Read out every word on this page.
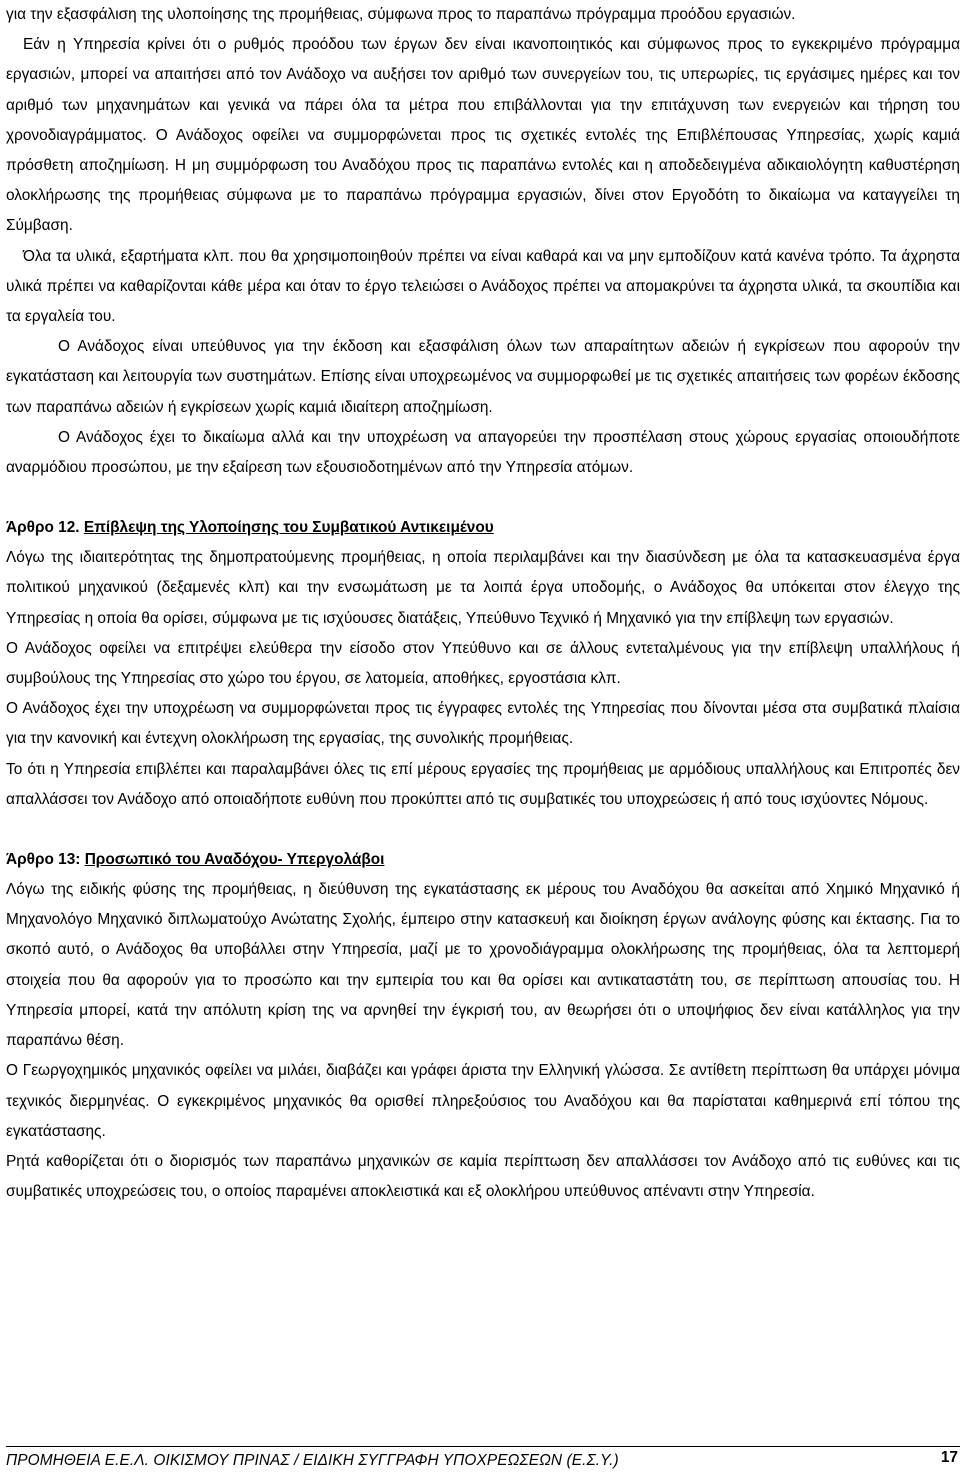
για την εξασφάλιση της υλοποίησης της προμήθειας, σύμφωνα προς το παραπάνω πρόγραμμα προόδου εργασιών.

Εάν η Υπηρεσία κρίνει ότι ο ρυθμός προόδου των έργων δεν είναι ικανοποιητικός και σύμφωνος προς το εγκεκριμένο πρόγραμμα εργασιών, μπορεί να απαιτήσει από τον Ανάδοχο να αυξήσει τον αριθμό των συνεργείων του, τις υπερωρίες, τις εργάσιμες ημέρες και τον αριθμό των μηχανημάτων και γενικά να πάρει όλα τα μέτρα που επιβάλλονται για την επιτάχυνση των ενεργειών και τήρηση του χρονοδιαγράμματος. Ο Ανάδοχος οφείλει να συμμορφώνεται προς τις σχετικές εντολές της Επιβλέπουσας Υπηρεσίας, χωρίς καμιά πρόσθετη αποζημίωση. Η μη συμμόρφωση του Αναδόχου προς τις παραπάνω εντολές και η αποδεδειγμένα αδικαιολόγητη καθυστέρηση ολοκλήρωσης της προμήθειας σύμφωνα με το παραπάνω πρόγραμμα εργασιών, δίνει στον Εργοδότη το δικαίωμα να καταγγείλει τη Σύμβαση.

Όλα τα υλικά, εξαρτήματα κλπ. που θα χρησιμοποιηθούν πρέπει να είναι καθαρά και να μην εμποδίζουν κατά κανένα τρόπο. Τα άχρηστα υλικά πρέπει να καθαρίζονται κάθε μέρα και όταν το έργο τελειώσει ο Ανάδοχος πρέπει να απομακρύνει τα άχρηστα υλικά, τα σκουπίδια και τα εργαλεία του.

Ο Ανάδοχος είναι υπεύθυνος για την έκδοση και εξασφάλιση όλων των απαραίτητων αδειών ή εγκρίσεων που αφορούν την εγκατάσταση και λειτουργία των συστημάτων. Επίσης είναι υποχρεωμένος να συμμορφωθεί με τις σχετικές απαιτήσεις των φορέων έκδοσης των παραπάνω αδειών ή εγκρίσεων χωρίς καμιά ιδιαίτερη αποζημίωση.

Ο Ανάδοχος έχει το δικαίωμα αλλά και την υποχρέωση να απαγορεύει την προσπέλαση στους χώρους εργασίας οποιουδήποτε αναρμόδιου προσώπου, με την εξαίρεση των εξουσιοδοτημένων από την Υπηρεσία ατόμων.

Άρθρο 12. Επίβλεψη της Υλοποίησης του Συμβατικού Αντικειμένου

Λόγω της ιδιαιτερότητας της δημοπρατούμενης προμήθειας, η οποία περιλαμβάνει και την διασύνδεση με όλα τα κατασκευασμένα έργα πολιτικού μηχανικού (δεξαμενές κλπ) και την ενσωμάτωση με τα λοιπά έργα υποδομής, ο Ανάδοχος θα υπόκειται στον έλεγχο της Υπηρεσίας η οποία θα ορίσει, σύμφωνα με τις ισχύουσες διατάξεις, Υπεύθυνο Τεχνικό ή Μηχανικό για την επίβλεψη των εργασιών.

Ο Ανάδοχος οφείλει να επιτρέψει ελεύθερα την είσοδο στον Υπεύθυνο και σε άλλους εντεταλμένους για την επίβλεψη υπαλλήλους ή συμβούλους της Υπηρεσίας στο χώρο του έργου, σε λατομεία, αποθήκες, εργοστάσια κλπ.

Ο Ανάδοχος έχει την υποχρέωση να συμμορφώνεται προς τις έγγραφες εντολές της Υπηρεσίας που δίνονται μέσα στα συμβατικά πλαίσια για την κανονική και έντεχνη ολοκλήρωση της εργασίας, της συνολικής προμήθειας.

Το ότι η Υπηρεσία επιβλέπει και παραλαμβάνει όλες τις επί μέρους εργασίες της προμήθειας με αρμόδιους υπαλλήλους και Επιτροπές δεν απαλλάσσει τον Ανάδοχο από οποιαδήποτε ευθύνη που προκύπτει από τις συμβατικές του υποχρεώσεις ή από τους ισχύοντες Νόμους.

Άρθρο 13: Προσωπικό του Αναδόχου- Υπεργολάβοι

Λόγω της ειδικής φύσης της προμήθειας, η διεύθυνση της εγκατάστασης εκ μέρους του Αναδόχου θα ασκείται από Χημικό Μηχανικό ή Μηχανολόγο Μηχανικό διπλωματούχο Ανώτατης Σχολής, έμπειρο στην κατασκευή και διοίκηση έργων ανάλογης φύσης και έκτασης. Για το σκοπό αυτό, ο Ανάδοχος θα υποβάλλει στην Υπηρεσία, μαζί με το χρονοδιάγραμμα ολοκλήρωσης της προμήθειας, όλα τα λεπτομερή στοιχεία που θα αφορούν για το προσώπο και την εμπειρία του και θα ορίσει και αντικαταστάτη του, σε περίπτωση απουσίας του. Η Υπηρεσία μπορεί, κατά την απόλυτη κρίση της να αρνηθεί την έγκρισή του, αν θεωρήσει ότι ο υποψήφιος δεν είναι κατάλληλος για την παραπάνω θέση.

Ο Γεωργοχημικός μηχανικός οφείλει να μιλάει, διαβάζει και γράφει άριστα την Ελληνική γλώσσα. Σε αντίθετη περίπτωση θα υπάρχει μόνιμα τεχνικός διερμηνέας. Ο εγκεκριμένος μηχανικός θα ορισθεί πληρεξούσιος του Αναδόχου και θα παρίσταται καθημερινά επί τόπου της εγκατάστασης.

Ρητά καθορίζεται ότι ο διορισμός των παραπάνω μηχανικών σε καμία περίπτωση δεν απαλλάσσει τον Ανάδοχο από τις ευθύνες και τις συμβατικές υποχρεώσεις του, ο οποίος παραμένει αποκλειστικά και εξ ολοκλήρου υπεύθυνος απέναντι στην Υπηρεσία.

ΠΡΟΜΗΘΕΙΑ Ε.Ε.Λ. ΟΙΚΙΣΜΟΥ ΠΡΙΝΑΣ / ΕΙΔΙΚΗ ΣΥΓΓΡΑΦΗ ΥΠΟΧΡΕΩΣΕΩΝ (Ε.Σ.Υ.)	17
